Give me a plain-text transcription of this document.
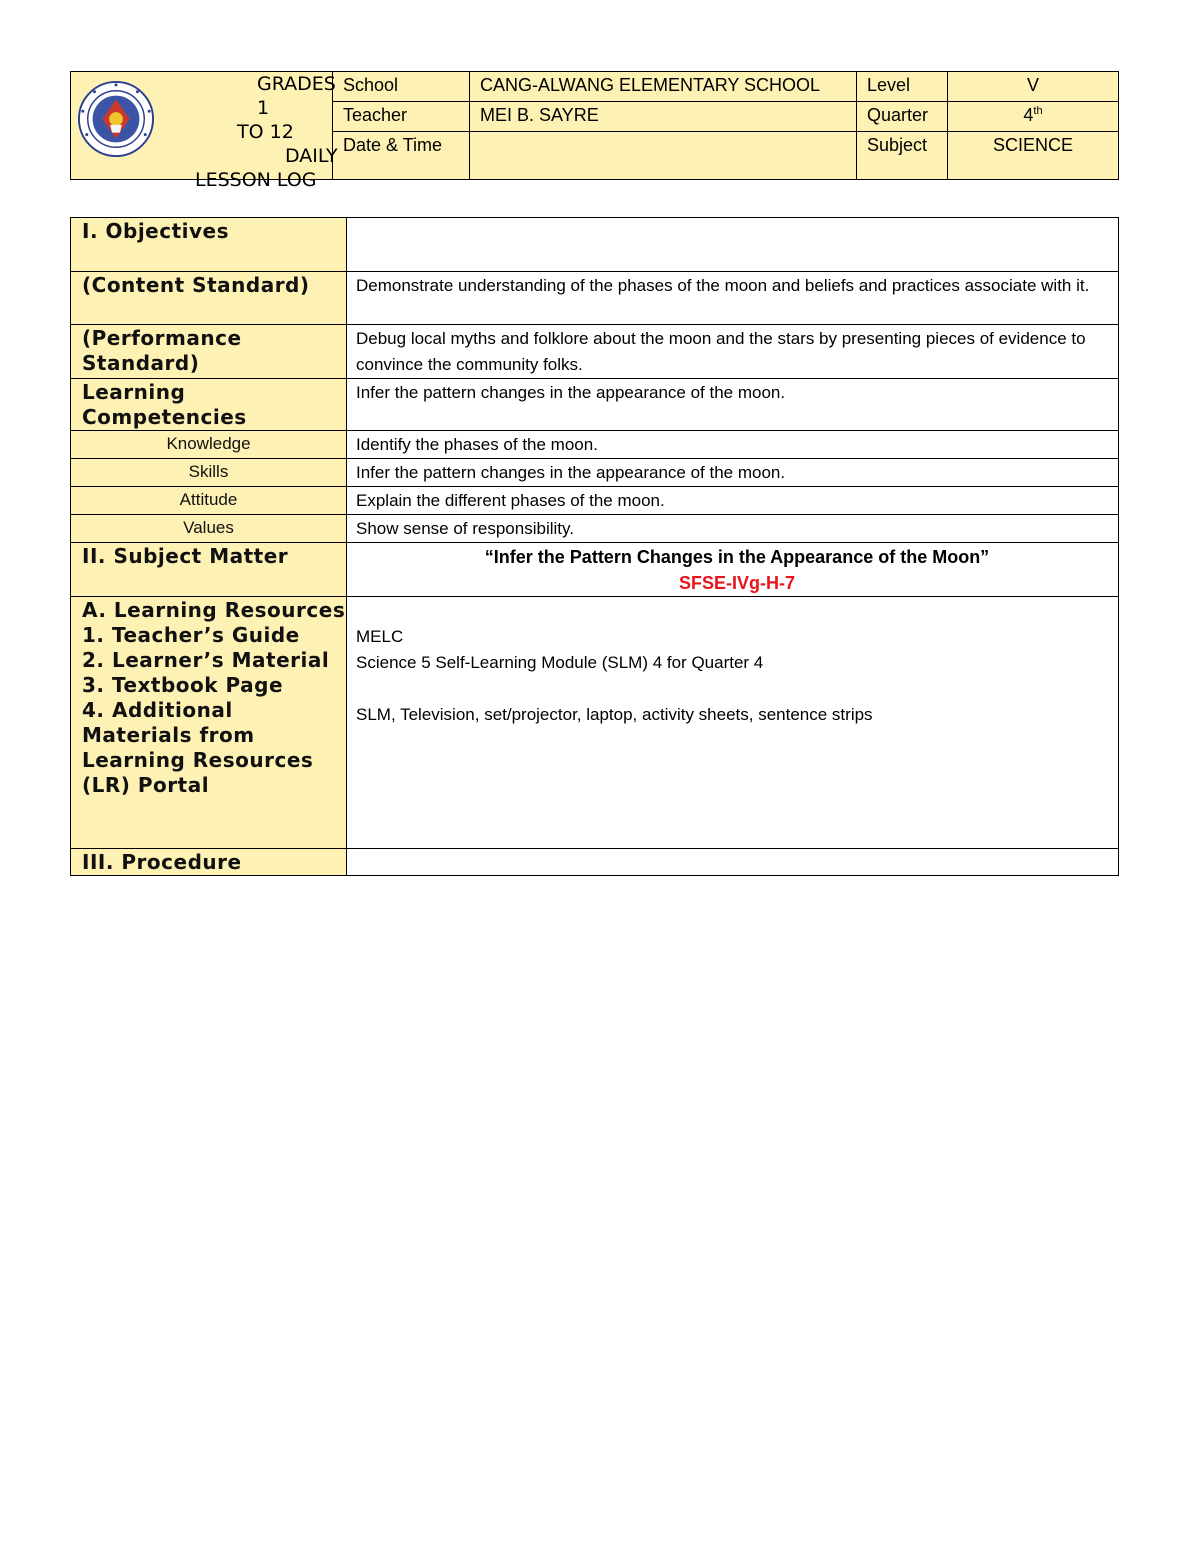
GRADES 1
TO 12
DAILY
LESSON LOG	School	CANG-ALWANG ELEMENTARY SCHOOL	Level	V
	Teacher	MEI B. SAYRE	Quarter	4th
	Date & Time		Subject	SCIENCE
I. Objectives	
(Content Standard)	Demonstrate understanding of the phases of the moon and beliefs and practices associate with it.
(Performance Standard)	Debug local myths and folklore about the moon and the stars by presenting pieces of evidence to convince the community folks.
Learning Competencies	Infer the pattern changes in the appearance of the moon.
Knowledge	Identify the phases of the moon.
Skills	Infer the pattern changes in the appearance of the moon.
Attitude	Explain the different phases of the moon.
Values	Show sense of responsibility.
II. Subject Matter	“Infer the Pattern Changes in the Appearance of the Moon”
SFSE-IVg-H-7

A. Learning Resources
1. Teacher’s Guide
2. Learner’s Material
3. Textbook Page
4. Additional Materials from Learning Resources (LR) Portal	MELC
Science 5 Self-Learning Module (SLM) 4 for Quarter 4
SLM, Television, set/projector, laptop, activity sheets, sentence strips

III. Procedure	
